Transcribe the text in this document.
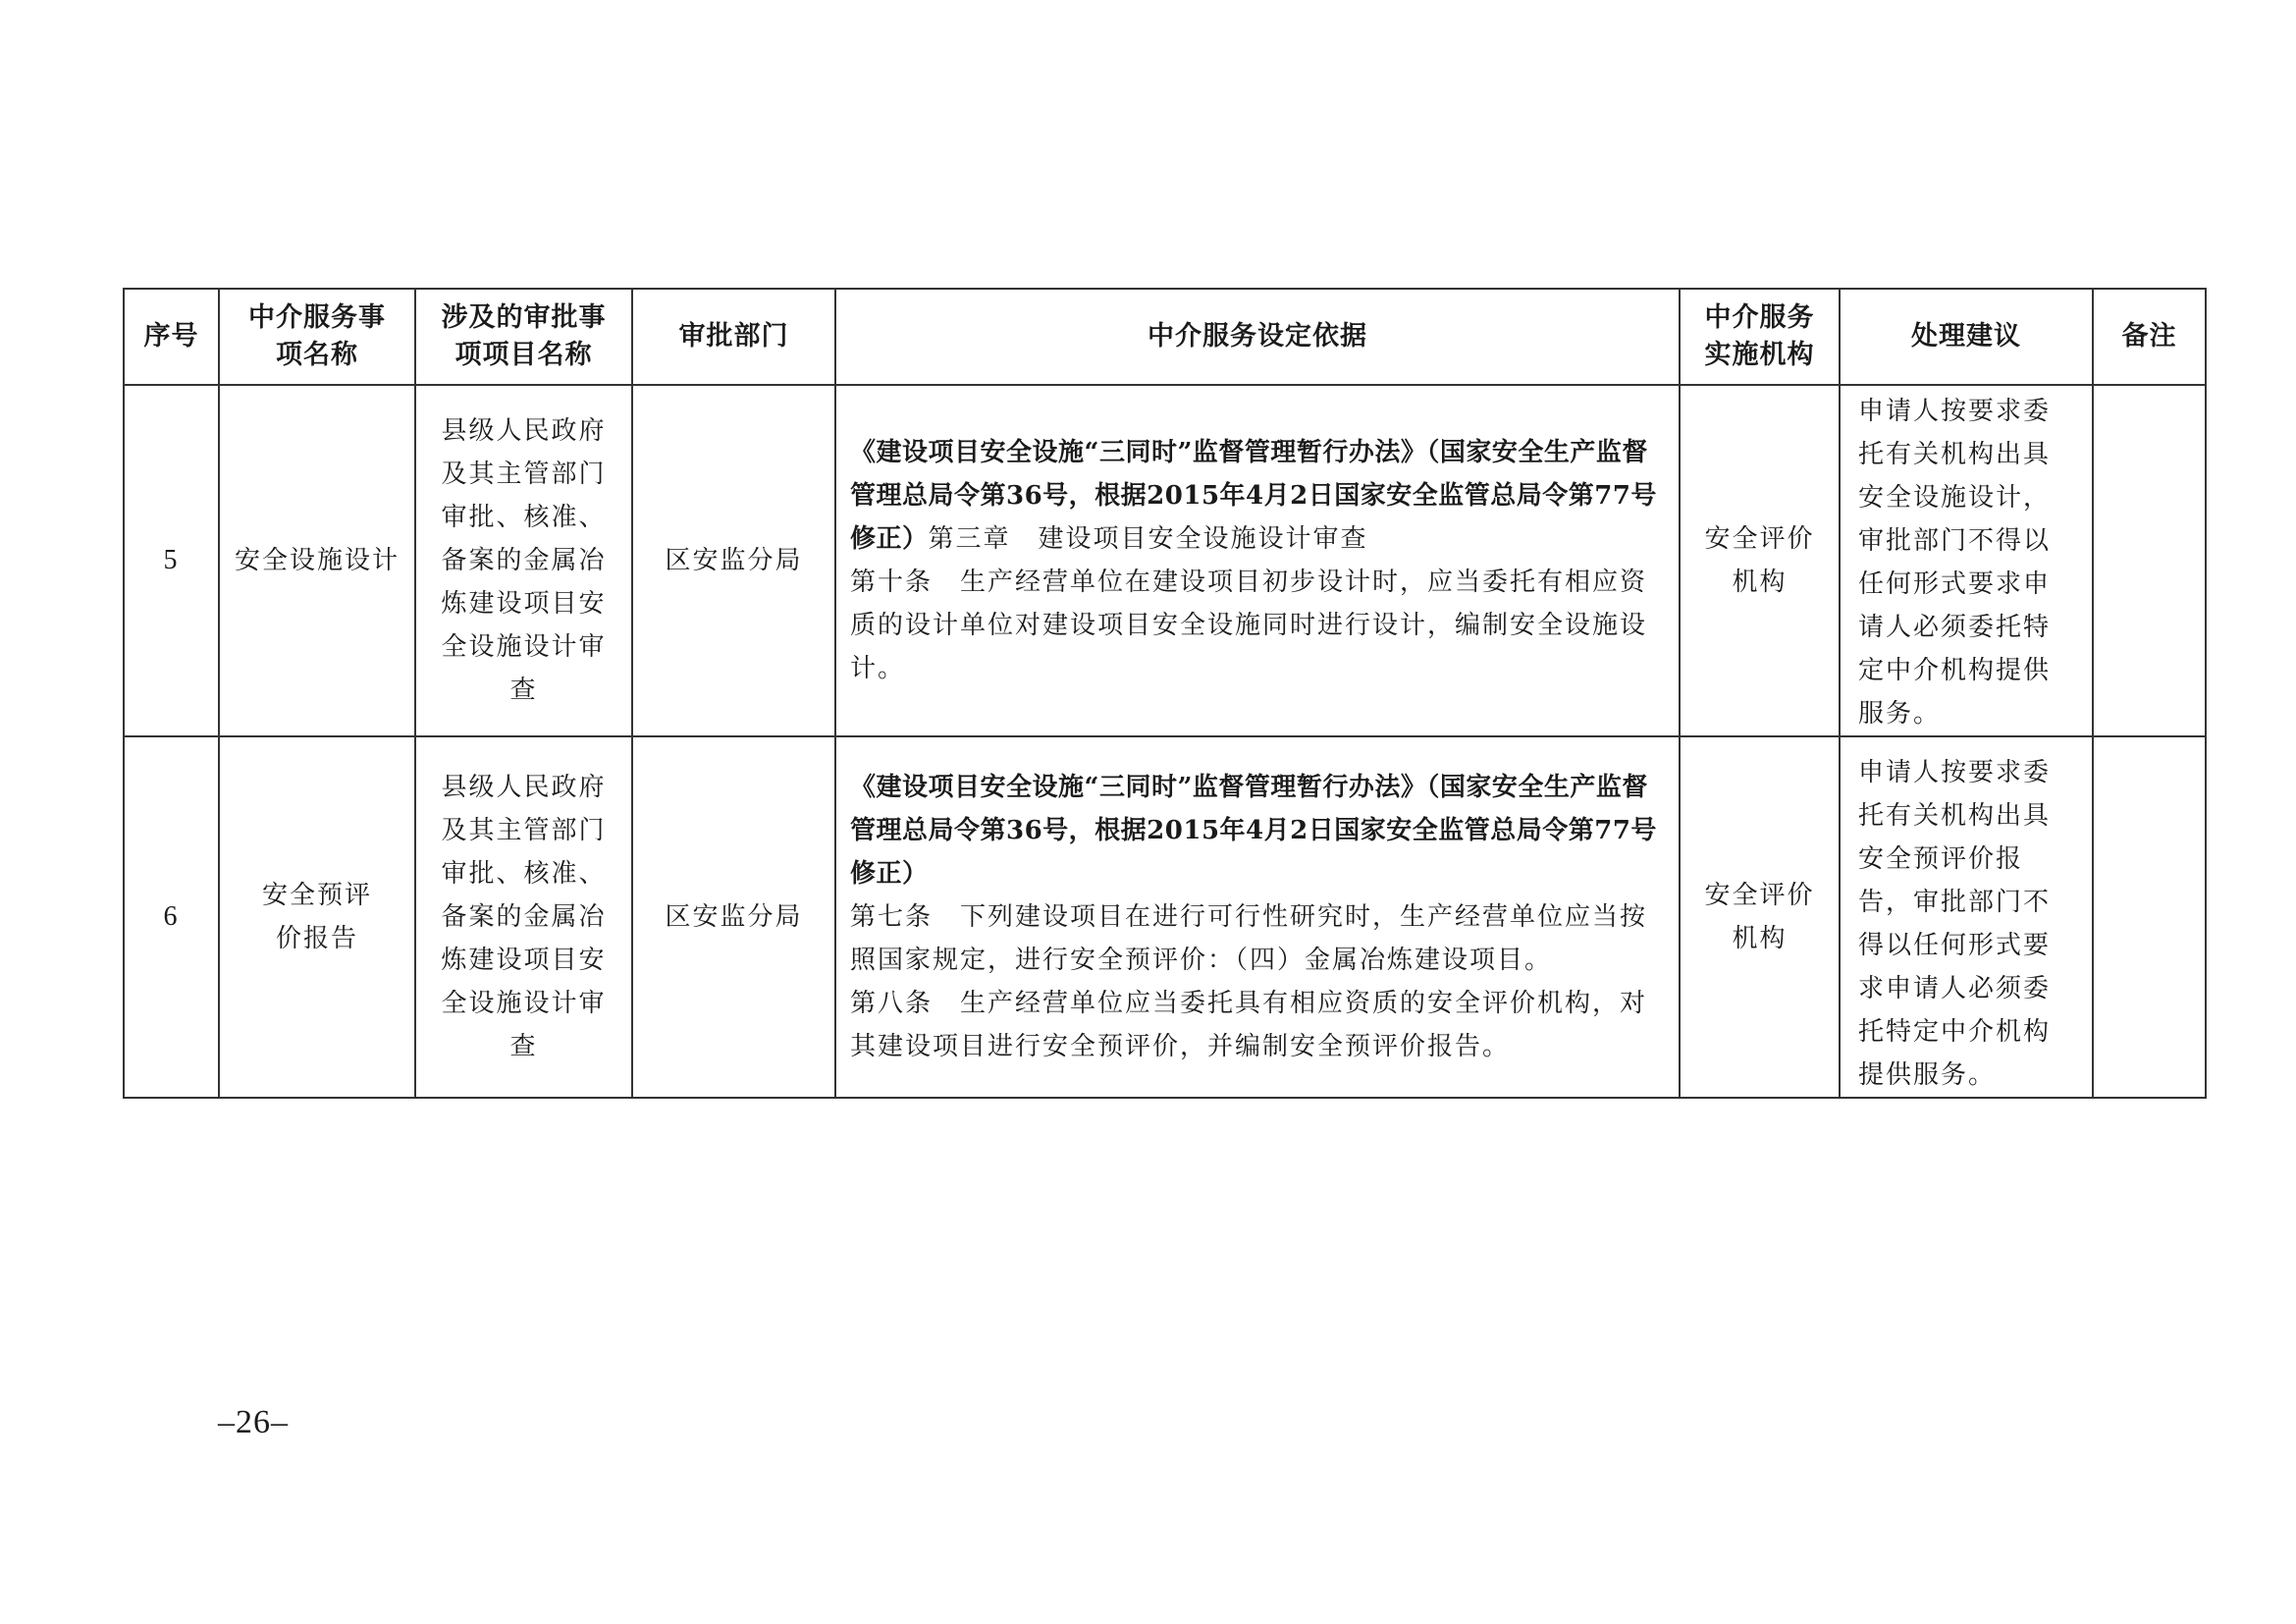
序号	中介服务事项名称	涉及的审批事项项目名称	审批部门	中介服务设定依据	中介服务实施机构	处理建议	备注
5	安全设施设计	县级人民政府及其主管部门审批、核准、备案的金属冶炼建设项目安全设施设计审查	区安监分局	《建设项目安全设施“三同时”监督管理暂行办法》（国家安全生产监督管理总局令第36号，根据2015年4月2日国家安全监管总局令第77号修正）第三章　建设项目安全设施设计审查
第十条　生产经营单位在建设项目初步设计时，应当委托有相应资质的设计单位对建设项目安全设施同时进行设计，编制安全设施设计。	安全评价机构	申请人按要求委托有关机构出具安全设施设计，审批部门不得以任何形式要求申请人必须委托特定中介机构提供服务。	

6	安全预评价报告	县级人民政府及其主管部门审批、核准、备案的金属冶炼建设项目安全设施设计审查	区安监分局	《建设项目安全设施“三同时”监督管理暂行办法》（国家安全生产监督管理总局令第36号，根据2015年4月2日国家安全监管总局令第77号修正）
第七条　下列建设项目在进行可行性研究时，生产经营单位应当按照国家规定，进行安全预评价：（四）金属冶炼建设项目。
第八条　生产经营单位应当委托具有相应资质的安全评价机构，对其建设项目进行安全预评价，并编制安全预评价报告。	安全评价机构	申请人按要求委托有关机构出具安全预评价报告，审批部门不得以任何形式要求申请人必须委托特定中介机构提供服务。	

–26–
